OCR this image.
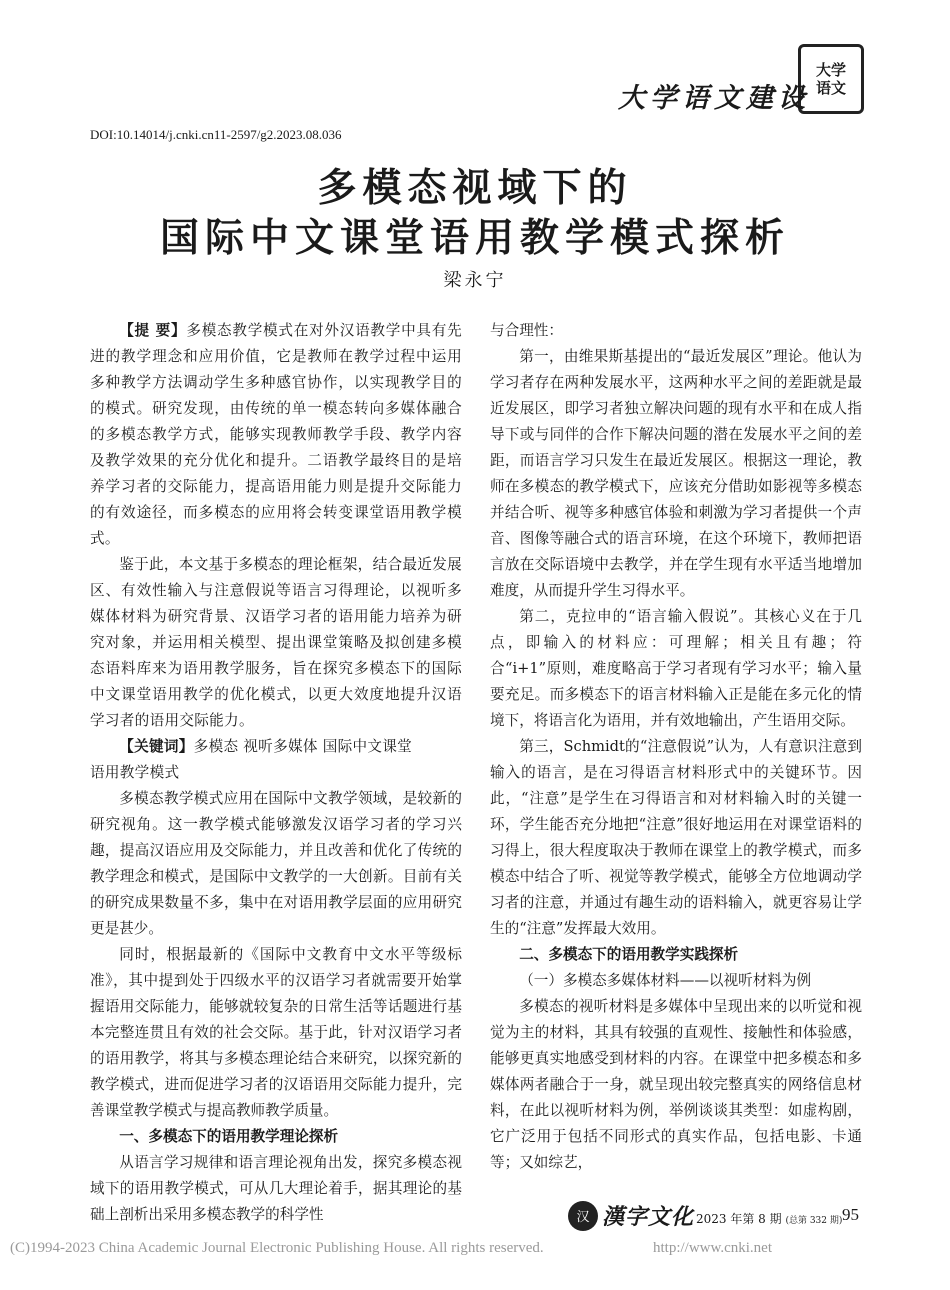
大学 语文
大学语文建设
DOI:10.14014/j.cnki.cn11-2597/g2.2023.08.036
多模态视域下的
国际中文课堂语用教学模式探析
梁永宁

【提 要】多模态教学模式在对外汉语教学中具有先进的教学理念和应用价值，它是教师在教学过程中运用多种教学方法调动学生多种感官协作，以实现教学目的的模式。研究发现，由传统的单一模态转向多媒体融合的多模态教学方式，能够实现教师教学手段、教学内容及教学效果的充分优化和提升。二语教学最终目的是培养学习者的交际能力，提高语用能力则是提升交际能力的有效途径，而多模态的应用将会转变课堂语用教学模式。

鉴于此，本文基于多模态的理论框架，结合最近发展区、有效性输入与注意假说等语言习得理论，以视听多媒体材料为研究背景、汉语学习者的语用能力培养为研究对象，并运用相关模型、提出课堂策略及拟创建多模态语料库来为语用教学服务，旨在探究多模态下的国际中文课堂语用教学的优化模式，以更大效度地提升汉语学习者的语用交际能力。

【关键词】多模态 视听多媒体 国际中文课堂

语用教学模式

多模态教学模式应用在国际中文教学领域，是较新的研究视角。这一教学模式能够激发汉语学习者的学习兴趣，提高汉语应用及交际能力，并且改善和优化了传统的教学理念和模式，是国际中文教学的一大创新。目前有关的研究成果数量不多，集中在对语用教学层面的应用研究更是甚少。

同时，根据最新的《国际中文教育中文水平等级标准》，其中提到处于四级水平的汉语学习者就需要开始掌握语用交际能力，能够就较复杂的日常生活等话题进行基本完整连贯且有效的社会交际。基于此，针对汉语学习者的语用教学，将其与多模态理论结合来研究，以探究新的教学模式，进而促进学习者的汉语语用交际能力提升，完善课堂教学模式与提高教师教学质量。

一、多模态下的语用教学理论探析

从语言学习规律和语言理论视角出发，探究多模态视域下的语用教学模式，可从几大理论着手，据其理论的基础上剖析出采用多模态教学的科学性

与合理性：

第一，由维果斯基提出的“最近发展区”理论。他认为学习者存在两种发展水平，这两种水平之间的差距就是最近发展区，即学习者独立解决问题的现有水平和在成人指导下或与同伴的合作下解决问题的潜在发展水平之间的差距，而语言学习只发生在最近发展区。根据这一理论，教师在多模态的教学模式下，应该充分借助如影视等多模态并结合听、视等多种感官体验和刺激为学习者提供一个声音、图像等融合式的语言环境，在这个环境下，教师把语言放在交际语境中去教学，并在学生现有水平适当地增加难度，从而提升学生习得水平。

第二，克拉申的“语言输入假说”。其核心义在于几点，即输入的材料应：可理解；相关且有趣；符合“i+1”原则，难度略高于学习者现有学习水平；输入量要充足。而多模态下的语言材料输入正是能在多元化的情境下，将语言化为语用，并有效地输出，产生语用交际。

第三，Schmidt的“注意假说”认为，人有意识注意到输入的语言，是在习得语言材料形式中的关键环节。因此，“注意”是学生在习得语言和对材料输入时的关键一环，学生能否充分地把“注意”很好地运用在对课堂语料的习得上，很大程度取决于教师在课堂上的教学模式，而多模态中结合了听、视觉等教学模式，能够全方位地调动学习者的注意，并通过有趣生动的语料输入，就更容易让学生的“注意”发挥最大效用。

二、多模态下的语用教学实践探析

（一）多模态多媒体材料——以视听材料为例

多模态的视听材料是多媒体中呈现出来的以听觉和视觉为主的材料，其具有较强的直观性、接触性和体验感，能够更真实地感受到材料的内容。在课堂中把多模态和多媒体两者融合于一身，就呈现出较完整真实的网络信息材料，在此以视听材料为例，举例谈谈其类型：如虚构剧，它广泛用于包括不同形式的真实作品，包括电影、卡通等；又如综艺，

汉 漢字文化 2023 年第 8 期 (总第 332 期) 95
(C)1994-2023 China Academic Journal Electronic Publishing House. All rights reserved.	http://www.cnki.net
